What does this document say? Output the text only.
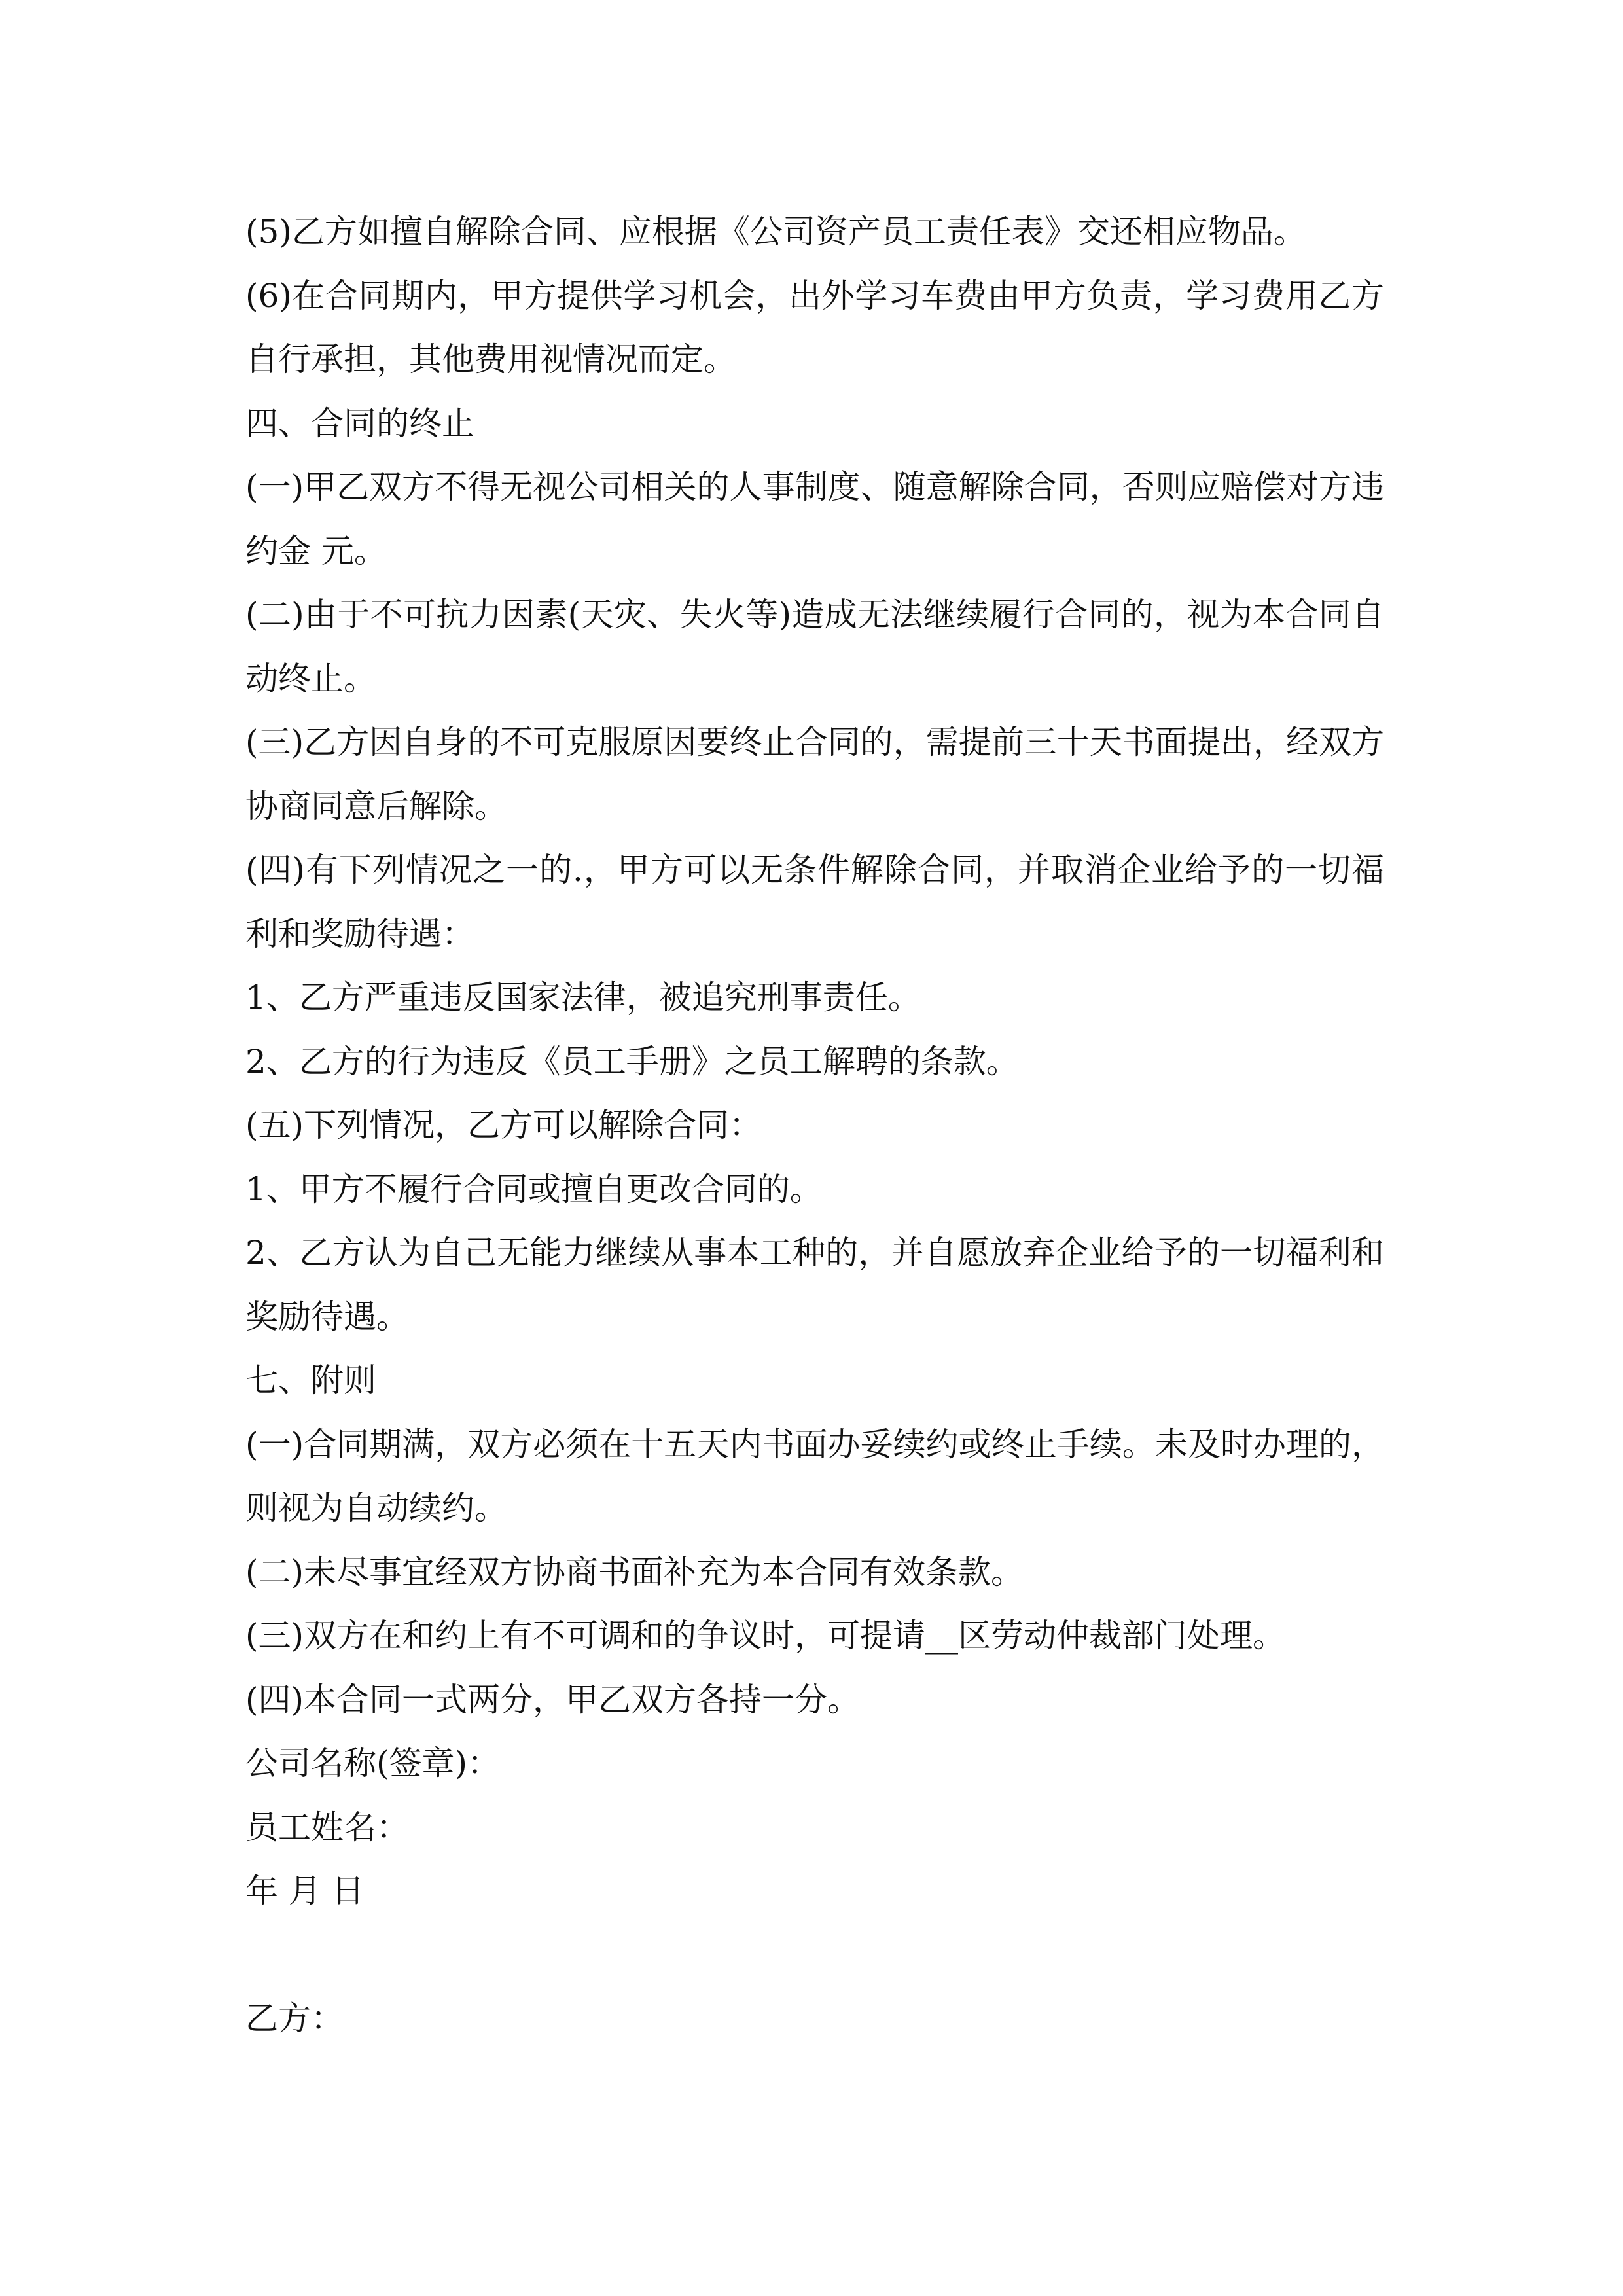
(5)乙方如擅自解除合同、应根据《公司资产员工责任表》交还相应物品。
(6)在合同期内，甲方提供学习机会，出外学习车费由甲方负责，学习费用乙方
自行承担，其他费用视情况而定。
四、合同的终止
(一)甲乙双方不得无视公司相关的人事制度、随意解除合同，否则应赔偿对方违
约金 元。
(二)由于不可抗力因素(天灾、失火等)造成无法继续履行合同的，视为本合同自
动终止。
(三)乙方因自身的不可克服原因要终止合同的，需提前三十天书面提出，经双方
协商同意后解除。
(四)有下列情况之一的.，甲方可以无条件解除合同，并取消企业给予的一切福
利和奖励待遇：
1、乙方严重违反国家法律，被追究刑事责任。
2、乙方的行为违反《员工手册》之员工解聘的条款。
(五)下列情况，乙方可以解除合同：
1、甲方不履行合同或擅自更改合同的。
2、乙方认为自己无能力继续从事本工种的，并自愿放弃企业给予的一切福利和
奖励待遇。
七、附则
(一)合同期满，双方必须在十五天内书面办妥续约或终止手续。未及时办理的，
则视为自动续约。
(二)未尽事宜经双方协商书面补充为本合同有效条款。
(三)双方在和约上有不可调和的争议时，可提请__区劳动仲裁部门处理。
(四)本合同一式两分，甲乙双方各持一分。
公司名称(签章)：
员工姓名：
年 月 日
乙方：
